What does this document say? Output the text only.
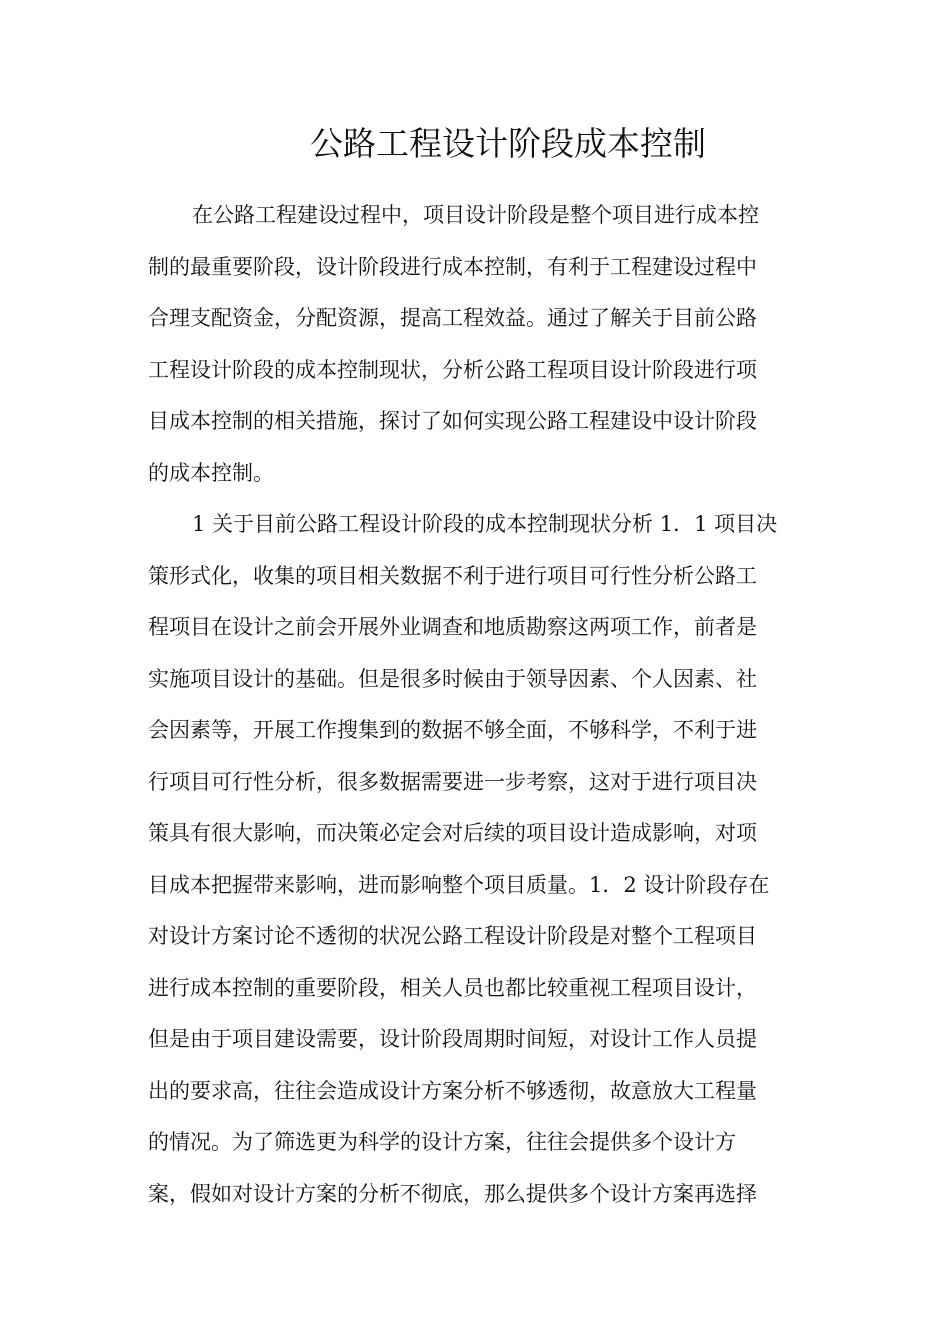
公路工程设计阶段成本控制
在公路工程建设过程中，项目设计阶段是整个项目进行成本控
制的最重要阶段，设计阶段进行成本控制，有利于工程建设过程中
合理支配资金，分配资源，提高工程效益。通过了解关于目前公路
工程设计阶段的成本控制现状，分析公路工程项目设计阶段进行项
目成本控制的相关措施，探讨了如何实现公路工程建设中设计阶段
的成本控制。
1 关于目前公路工程设计阶段的成本控制现状分析 1．1 项目决
策形式化，收集的项目相关数据不利于进行项目可行性分析公路工
程项目在设计之前会开展外业调查和地质勘察这两项工作，前者是
实施项目设计的基础。但是很多时候由于领导因素、个人因素、社
会因素等，开展工作搜集到的数据不够全面，不够科学，不利于进
行项目可行性分析，很多数据需要进一步考察，这对于进行项目决
策具有很大影响，而决策必定会对后续的项目设计造成影响，对项
目成本把握带来影响，进而影响整个项目质量。1．2 设计阶段存在
对设计方案讨论不透彻的状况公路工程设计阶段是对整个工程项目
进行成本控制的重要阶段，相关人员也都比较重视工程项目设计，
但是由于项目建设需要，设计阶段周期时间短，对设计工作人员提
出的要求高，往往会造成设计方案分析不够透彻，故意放大工程量
的情况。为了筛选更为科学的设计方案，往往会提供多个设计方
案，假如对设计方案的分析不彻底，那么提供多个设计方案再选择
